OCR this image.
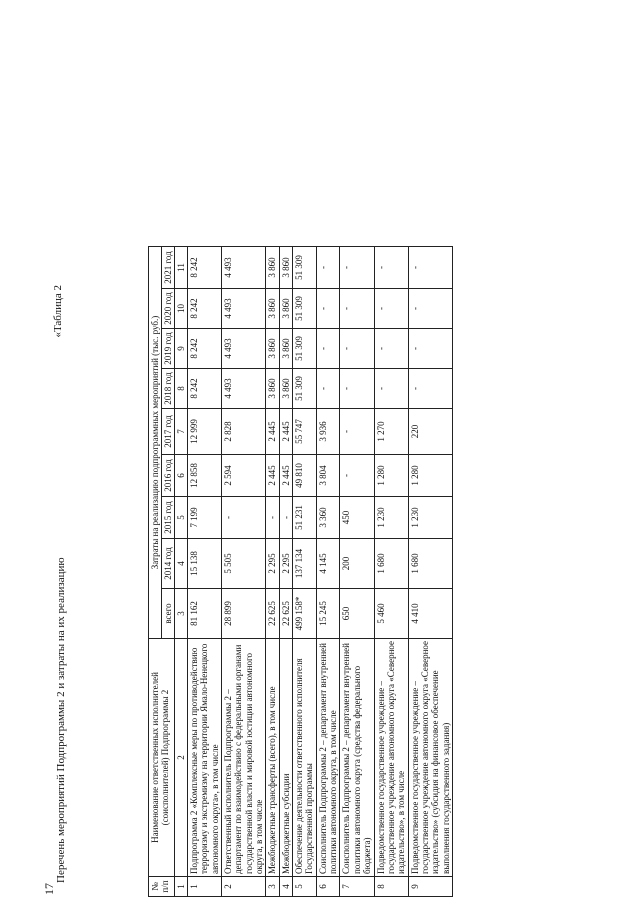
17
«Таблица 2
Перечень мероприятий Подпрограммы 2 и затраты на их реализацию
№ п/п	Наименование ответственных исполнителей (соисполнителей) Подпрограммы 2	Затраты на реализацию подпрограммных мероприятий (тыс. руб.)								
		всего	2014 год	2015 год	2016 год	2017 год	2018 год	2019 год	2020 год	2021 год
1	2	3	4	5	6	7	8	9	10	11
1	Подпрограмма 2 «Комплексные меры по противодействию терроризму и экстремизму на территории Ямало-Ненецкого автономного округа», в том числе	81 162	15 138	7 199	12 858	12 999	8 242	8 242	8 242	8 242
2	Ответственный исполнитель Подпрограммы 2 – департамент по взаимодействию с федеральными органами государственной власти и мировой юстиции автономного округа, в том числе	28 899	5 505	-	2 594	2 828	4 493	4 493	4 493	4 493
3	Межбюджетные трансферты (всего), в том числе	22 625	2 295	-	2 445	2 445	3 860	3 860	3 860	3 860
4	Межбюджетные субсидии	22 625	2 295	-	2 445	2 445	3 860	3 860	3 860	3 860
5	Обеспечение деятельности ответственного исполнителя Государственной программы	499 158*	137 134	51 231	49 810	55 747	51 309	51 309	51 309	51 309
6	Соисполнитель Подпрограммы 2 – департамент внутренней политики автономного округа, в том числе	15 245	4 145	3 360	3 804	3 936	-	-	-	-
7	Соисполнитель Подпрограммы 2 – департамент внутренней политики автономного округа (средства федерального бюджета)	650	200	450	-	-	-	-	-	-
8	Подведомственное государственное учреждение – государственное учреждение автономного округа «Северное издательство», в том числе	5 460	1 680	1 230	1 280	1 270	-	-	-	-
9	Подведомственное государственное учреждение – государственное учреждение автономного округа «Северное издательство» (субсидия на финансовое обеспечение выполнения государственного задания)	4 410	1 680	1 230	1 280	220	-	-	-	-
